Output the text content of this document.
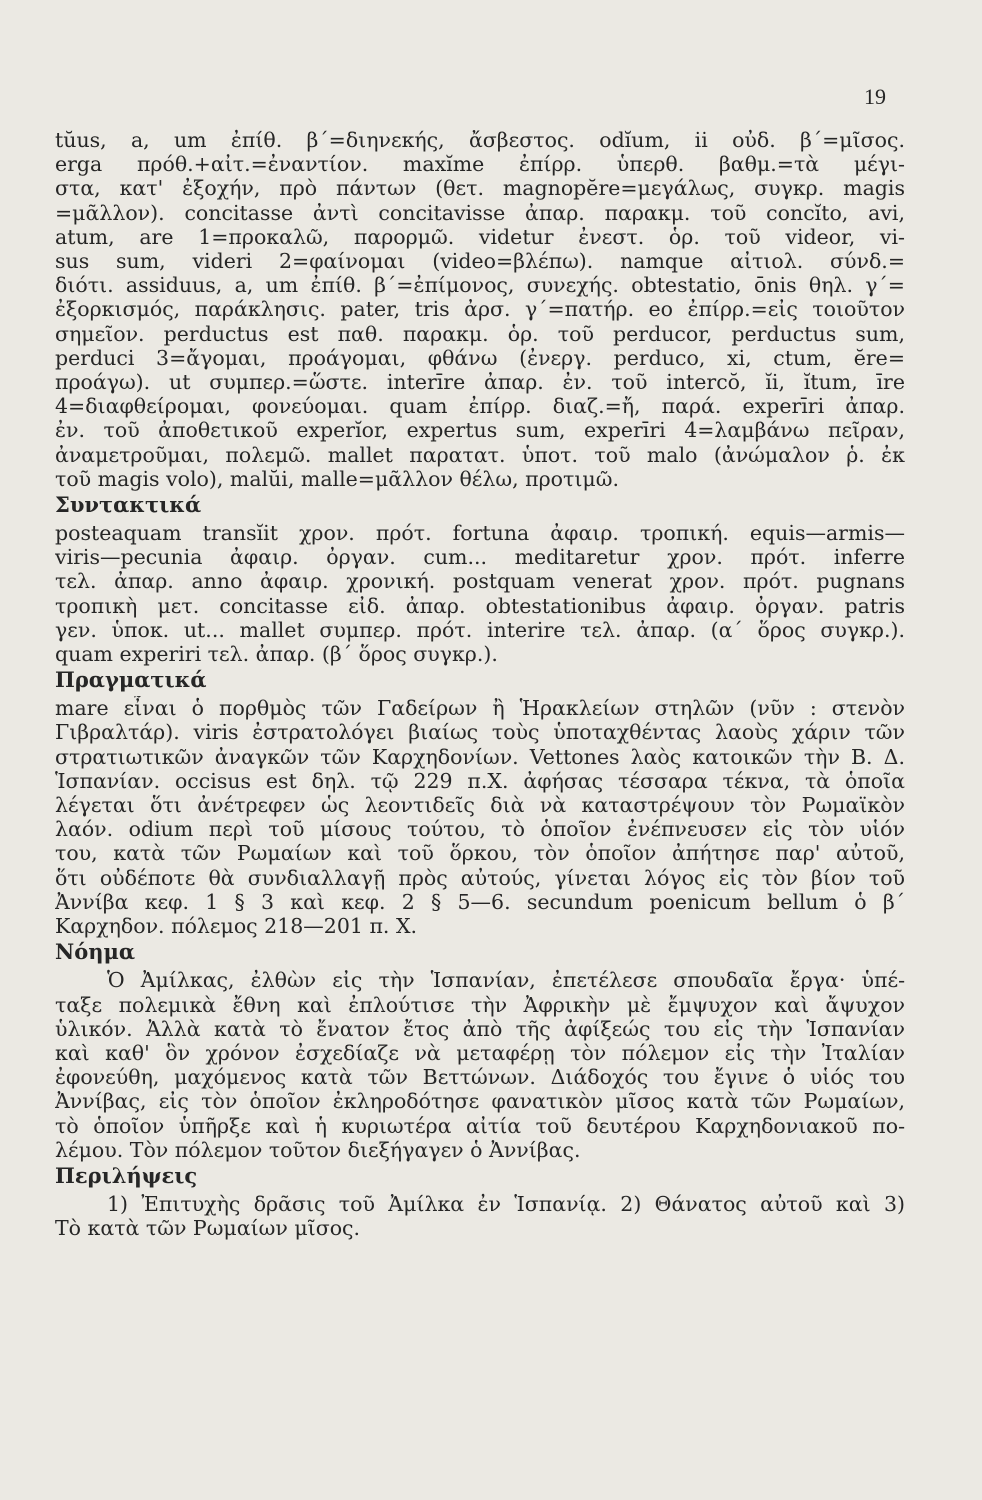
19
tŭus, a, um ἐπίθ. β΄=διηνεκής, ἄσβεστος. odĭum, ii οὐδ. β΄=μῖσος.
erga πρόθ.+αἰτ.=ἐναντίον. maxĭme ἐπίρρ. ὑπερθ. βαθμ.=τὰ μέγι-
στα, κατ' ἐξοχήν, πρὸ πάντων (θετ. magnopĕre=μεγάλως, συγκρ. magis
=μᾶλλον). concitasse ἀντὶ concitavisse ἀπαρ. παρακμ. τοῦ concĭto, avi,
atum, are 1=προκαλῶ, παρορμῶ. videtur ἐνεστ. ὁρ. τοῦ videor, vi-
sus sum, videri 2=φαίνομαι (video=βλέπω). namque αἰτιολ. σύνδ.=
διότι. assiduus, a, um ἐπίθ. β΄=ἐπίμονος, συνεχής. obtestatio, ōnis θηλ. γ΄=
ἐξορκισμός, παράκλησις. pater, tris ἀρσ. γ΄=πατήρ. eo ἐπίρρ.=εἰς τοιοῦτον
σημεῖον. perductus est παθ. παρακμ. ὁρ. τοῦ perducor, perductus sum,
perduci 3=ἄγομαι, προάγομαι, φθάνω (ἐνεργ. perduco, xi, ctum, ĕre=
προάγω). ut συμπερ.=ὥστε. interīre ἀπαρ. ἐν. τοῦ intercŏ, ĭi, ĭtum, īre
4=διαφθείρομαι, φονεύομαι. quam ἐπίρρ. διαζ.=ἤ, παρά. experīri ἀπαρ.
ἐν. τοῦ ἀποθετικοῦ experĭor, expertus sum, experīri 4=λαμβάνω πεῖραν,
ἀναμετροῦμαι, πολεμῶ. mallet παρατατ. ὑποτ. τοῦ malo (ἀνώμαλον ῥ. ἐκ
τοῦ magis volo), malŭi, malle=μᾶλλον θέλω, προτιμῶ.
Συντακτικά
posteaquam transĭit χρον. πρότ. fortuna ἀφαιρ. τροπική. equis—armis—
viris—pecunia ἀφαιρ. ὀργαν. cum... meditaretur χρον. πρότ. inferre
τελ. ἀπαρ. anno ἀφαιρ. χρονική. postquam venerat χρον. πρότ. pugnans
τροπικὴ μετ. concitasse εἰδ. ἀπαρ. obtestationibus ἀφαιρ. ὀργαν. patris
γεν. ὑποκ. ut... mallet συμπερ. πρότ. interire τελ. ἀπαρ. (α΄ ὅρος συγκρ.).
quam experiri τελ. ἀπαρ. (β΄ ὅρος συγκρ.).
Πραγματικά
mare εἶναι ὁ πορθμὸς τῶν Γαδείρων ἢ Ἡρακλείων στηλῶν (νῦν : στενὸν
Γιβραλτάρ). viris ἐστρατολόγει βιαίως τοὺς ὑποταχθέντας λαοὺς χάριν τῶν
στρατιωτικῶν ἀναγκῶν τῶν Καρχηδονίων. Vettones λαὸς κατοικῶν τὴν Β. Δ.
Ἱσπανίαν. occisus est δηλ. τῷ 229 π.Χ. ἀφήσας τέσσαρα τέκνα, τὰ ὁποῖα
λέγεται ὅτι ἀνέτρεφεν ὡς λεοντιδεῖς διὰ νὰ καταστρέψουν τὸν Ρωμαϊκὸν
λαόν. odium περὶ τοῦ μίσους τούτου, τὸ ὁποῖον ἐνέπνευσεν εἰς τὸν υἱόν
του, κατὰ τῶν Ρωμαίων καὶ τοῦ ὅρκου, τὸν ὁποῖον ἀπήτησε παρ' αὐτοῦ,
ὅτι οὐδέποτε θὰ συνδιαλλαγῇ πρὸς αὐτούς, γίνεται λόγος εἰς τὸν βίον τοῦ
Ἀννίβα κεφ. 1 § 3 καὶ κεφ. 2 § 5—6. secundum poenicum bellum ὁ β΄
Καρχηδον. πόλεμος 218—201 π. Χ.
Νόημα
Ὁ Ἀμίλκας, ἐλθὼν εἰς τὴν Ἱσπανίαν, ἐπετέλεσε σπουδαῖα ἔργα· ὑπέ-
ταξε πολεμικὰ ἔθνη καὶ ἐπλούτισε τὴν Ἀφρικὴν μὲ ἔμψυχον καὶ ἄψυχον
ὑλικόν. Ἀλλὰ κατὰ τὸ ἔνατον ἔτος ἀπὸ τῆς ἀφίξεώς του εἰς τὴν Ἱσπανίαν
καὶ καθ' ὃν χρόνον ἐσχεδίαζε νὰ μεταφέρῃ τὸν πόλεμον εἰς τὴν Ἰταλίαν
ἐφονεύθη, μαχόμενος κατὰ τῶν Βεττώνων. Διάδοχός του ἔγινε ὁ υἱός του
Ἀννίβας, εἰς τὸν ὁποῖον ἐκληροδότησε φανατικὸν μῖσος κατὰ τῶν Ρωμαίων,
τὸ ὁποῖον ὑπῆρξε καὶ ἡ κυριωτέρα αἰτία τοῦ δευτέρου Καρχηδονιακοῦ πο-
λέμου. Τὸν πόλεμον τοῦτον διεξήγαγεν ὁ Ἀννίβας.
Περιλήψεις
1) Ἐπιτυχὴς δρᾶσις τοῦ Ἀμίλκα ἐν Ἱσπανίᾳ. 2) Θάνατος αὐτοῦ καὶ 3)
Τὸ κατὰ τῶν Ρωμαίων μῖσος.
